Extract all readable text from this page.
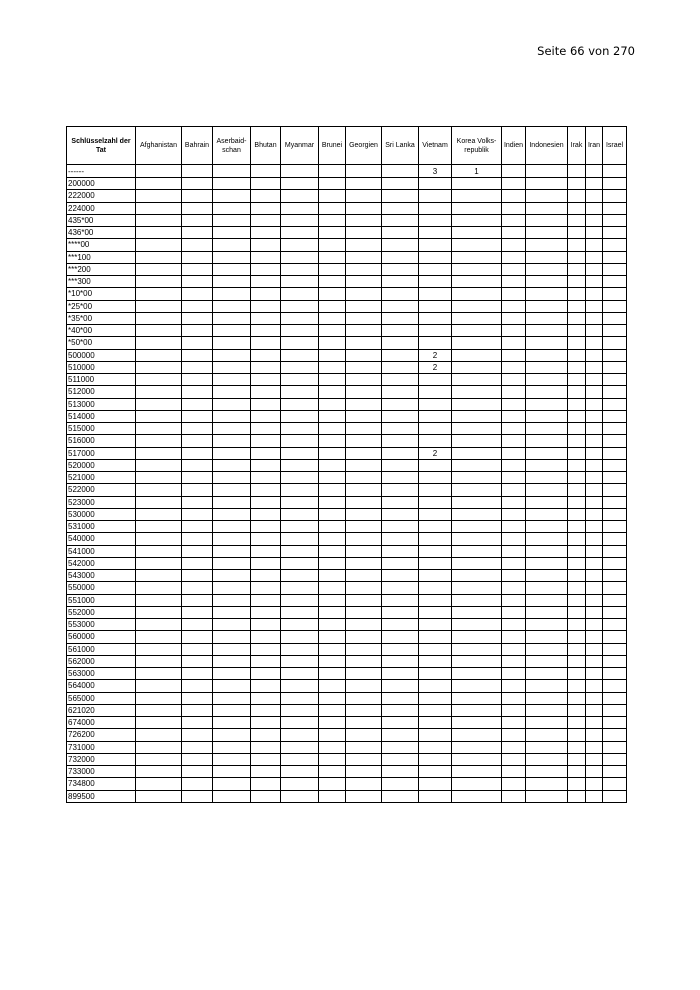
Seite 66 von 270
Schlüsselzahl der Tat	Afghanistan	Bahrain	Aserbaid-schan	Bhutan	Myanmar	Brunei	Georgien	Sri Lanka	Vietnam	Korea Volks-republik	Indien	Indonesien	Irak	Iran	Israel
------									3	1					
200000															
222000															
224000															
435*00															
436*00															
****00															
***100															
***200															
***300															
*10*00															
*25*00															
*35*00															
*40*00															
*50*00															
500000									2						
510000									2						
511000															
512000															
513000															
514000															
515000															
516000															
517000									2						
520000															
521000															
522000															
523000															
530000															
531000															
540000															
541000															
542000															
543000															
550000															
551000															
552000															
553000															
560000															
561000															
562000															
563000															
564000															
565000															
621020															
674000															
726200															
731000															
732000															
733000															
734800															
899500															
